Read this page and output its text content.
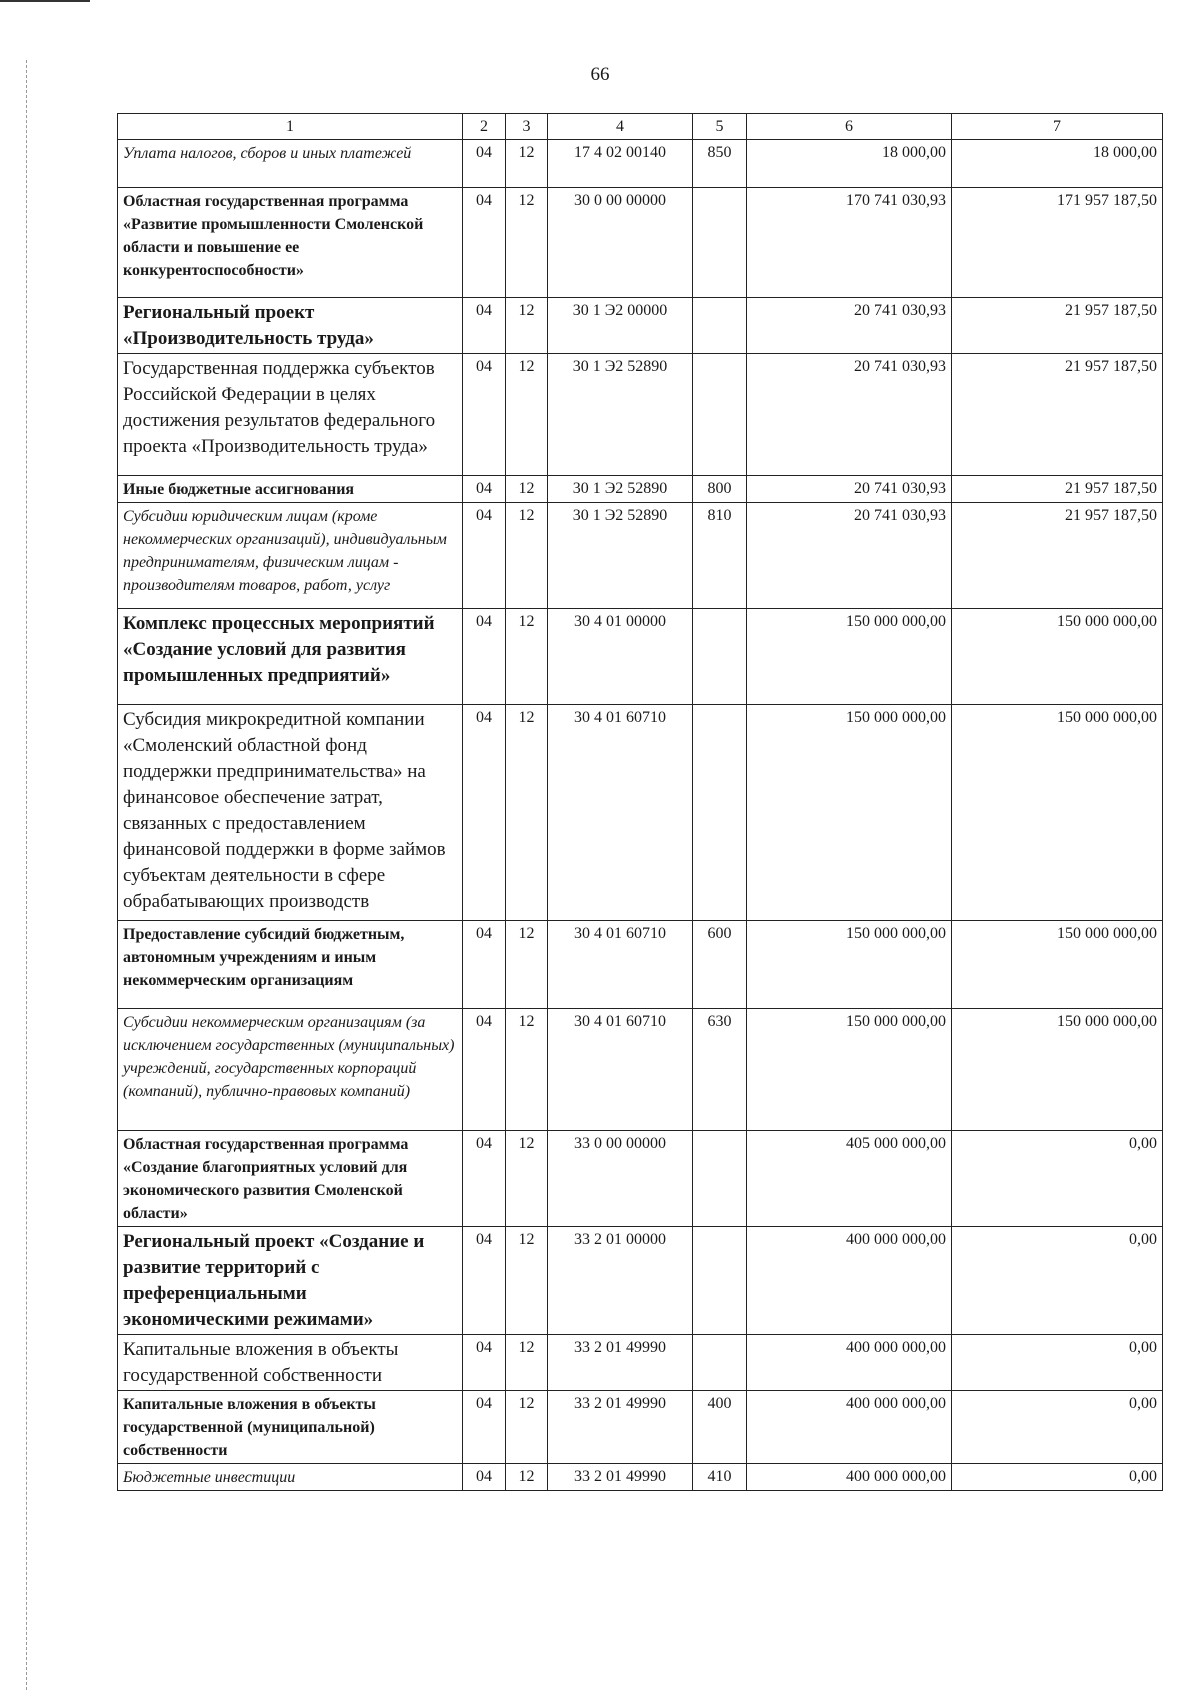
66
1	2	3	4	5	6	7
Уплата налогов, сборов и иных платежей	04	12	17 4 02 00140	850	18 000,00	18 000,00
Областная государственная программа «Развитие промышленности Смоленской области и повышение ее конкурентоспособности»	04	12	30 0 00 00000		170 741 030,93	171 957 187,50
Региональный проект «Производительность труда»	04	12	30 1 Э2 00000		20 741 030,93	21 957 187,50
Государственная поддержка субъектов Российской Федерации в целях достижения результатов федерального проекта «Производительность труда»	04	12	30 1 Э2 52890		20 741 030,93	21 957 187,50
Иные бюджетные ассигнования	04	12	30 1 Э2 52890	800	20 741 030,93	21 957 187,50
Субсидии юридическим лицам (кроме некоммерческих организаций), индивидуальным предпринимателям, физическим лицам - производителям товаров, работ, услуг	04	12	30 1 Э2 52890	810	20 741 030,93	21 957 187,50
Комплекс процессных мероприятий «Создание условий для развития промышленных предприятий»	04	12	30 4 01 00000		150 000 000,00	150 000 000,00
Субсидия микрокредитной компании «Смоленский областной фонд поддержки предпринимательства» на финансовое обеспечение затрат, связанных с предоставлением финансовой поддержки в форме займов субъектам деятельности в сфере обрабатывающих производств	04	12	30 4 01 60710		150 000 000,00	150 000 000,00
Предоставление субсидий бюджетным, автономным учреждениям и иным некоммерческим организациям	04	12	30 4 01 60710	600	150 000 000,00	150 000 000,00
Субсидии некоммерческим организациям (за исключением государственных (муниципальных) учреждений, государственных корпораций (компаний), публично-правовых компаний)	04	12	30 4 01 60710	630	150 000 000,00	150 000 000,00
Областная государственная программа «Создание благоприятных условий для экономического развития Смоленской области»	04	12	33 0 00 00000		405 000 000,00	0,00
Региональный проект «Создание и развитие территорий с преференциальными экономическими режимами»	04	12	33 2 01 00000		400 000 000,00	0,00
Капитальные вложения в объекты государственной собственности	04	12	33 2 01 49990		400 000 000,00	0,00
Капитальные вложения в объекты государственной (муниципальной) собственности	04	12	33 2 01 49990	400	400 000 000,00	0,00
Бюджетные инвестиции	04	12	33 2 01 49990	410	400 000 000,00	0,00
